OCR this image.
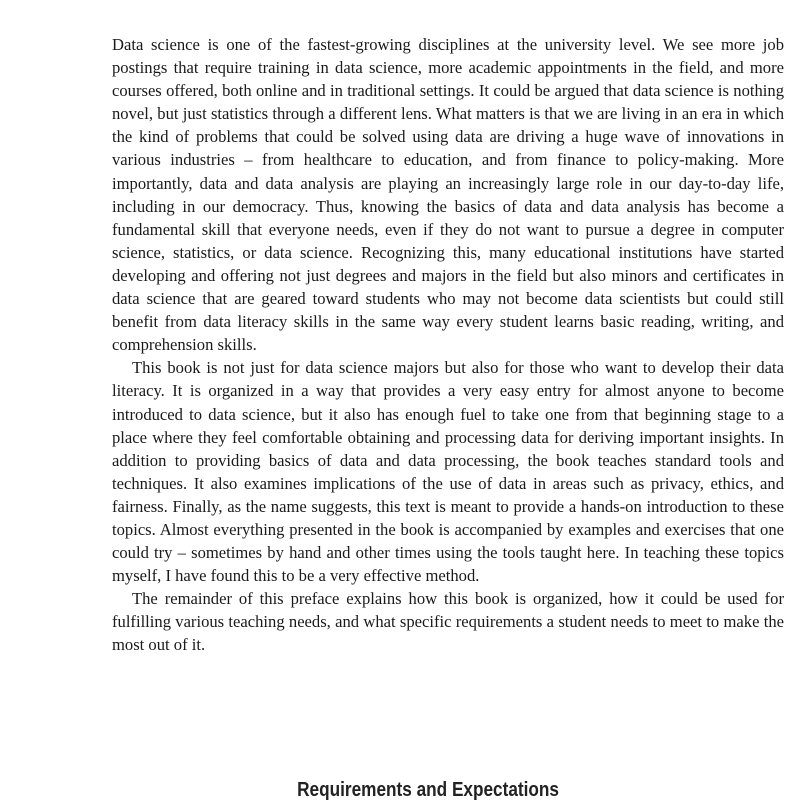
Data science is one of the fastest-growing disciplines at the university level. We see more job postings that require training in data science, more academic appointments in the field, and more courses offered, both online and in traditional settings. It could be argued that data science is nothing novel, but just statistics through a different lens. What matters is that we are living in an era in which the kind of problems that could be solved using data are driving a huge wave of innovations in various industries – from healthcare to education, and from finance to policy-making. More importantly, data and data analysis are playing an increasingly large role in our day-to-day life, including in our democracy. Thus, knowing the basics of data and data analysis has become a fundamental skill that everyone needs, even if they do not want to pursue a degree in computer science, statistics, or data science. Recognizing this, many educational institutions have started developing and offering not just degrees and majors in the field but also minors and certificates in data science that are geared toward students who may not become data scientists but could still benefit from data literacy skills in the same way every student learns basic reading, writing, and comprehension skills.

This book is not just for data science majors but also for those who want to develop their data literacy. It is organized in a way that provides a very easy entry for almost anyone to become introduced to data science, but it also has enough fuel to take one from that beginning stage to a place where they feel comfortable obtaining and processing data for deriving important insights. In addition to providing basics of data and data processing, the book teaches standard tools and techniques. It also examines implications of the use of data in areas such as privacy, ethics, and fairness. Finally, as the name suggests, this text is meant to provide a hands-on introduction to these topics. Almost everything presented in the book is accompanied by examples and exercises that one could try – sometimes by hand and other times using the tools taught here. In teaching these topics myself, I have found this to be a very effective method.

The remainder of this preface explains how this book is organized, how it could be used for fulfilling various teaching needs, and what specific requirements a student needs to meet to make the most out of it.

Requirements and Expectations
